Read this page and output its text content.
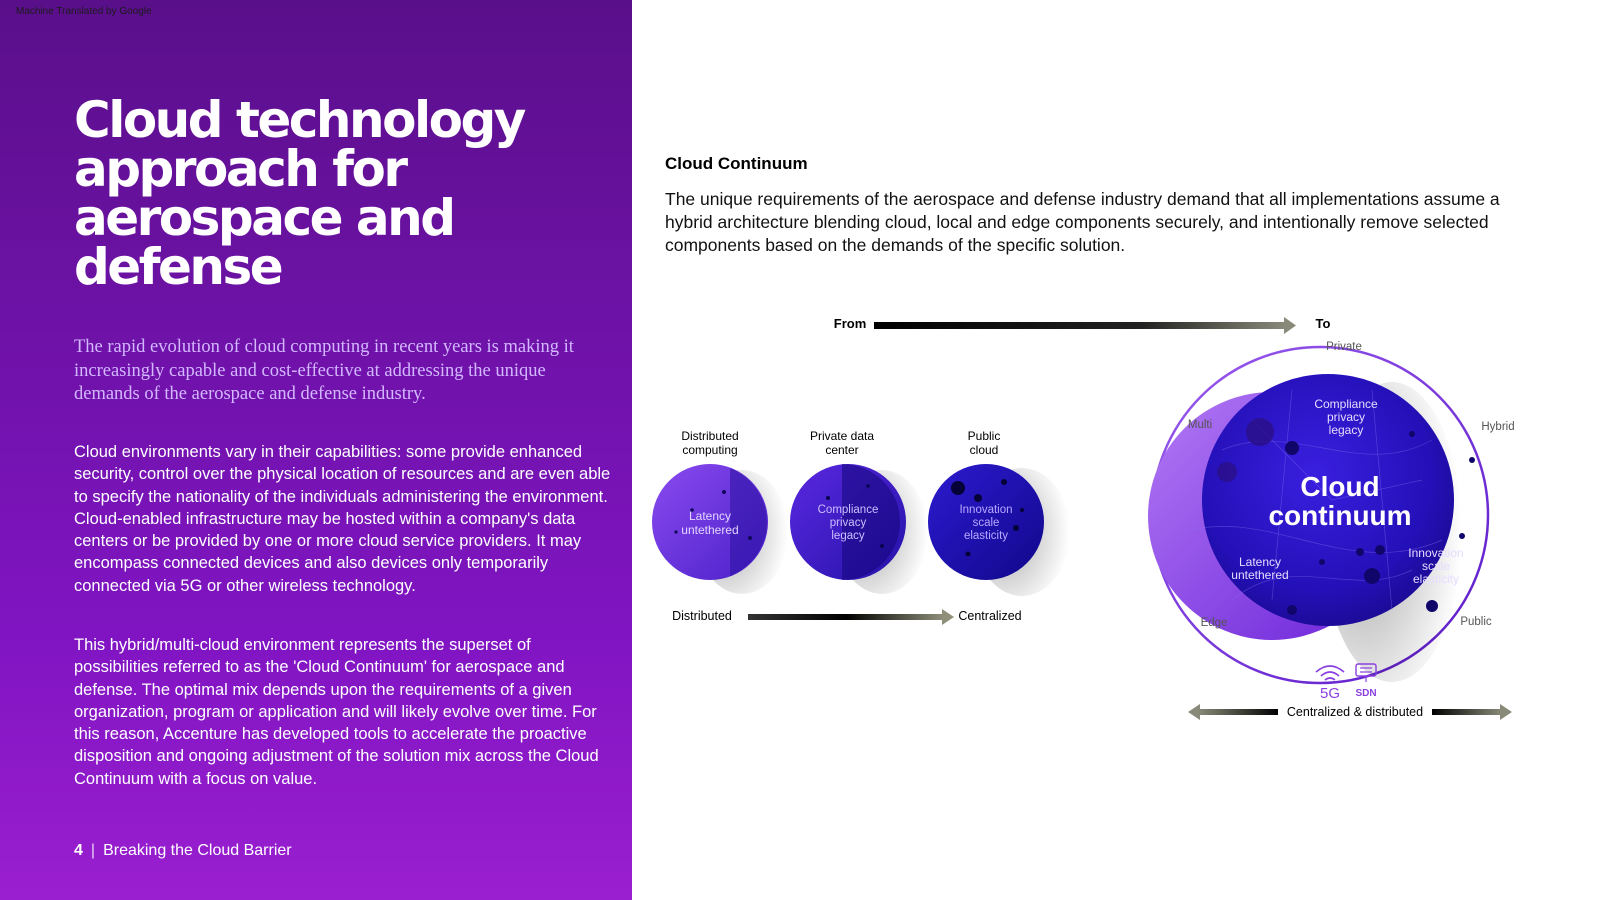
Machine Translated by Google
Cloud technology
approach for
aerospace and
defense

The rapid evolution of cloud computing in recent years is making it increasingly capable and cost-effective at addressing the unique demands of the aerospace and defense industry.

Cloud environments vary in their capabilities: some provide enhanced security, control over the physical location of resources and are even able to specify the nationality of the individuals administering the environment. Cloud-enabled infrastructure may be hosted within a company's data centers or be provided by one or more cloud service providers. It may encompass connected devices and also devices only temporarily connected via 5G or other wireless technology.

This hybrid/multi-cloud environment represents the superset of possibilities referred to as the 'Cloud Continuum' for aerospace and defense. The optimal mix depends upon the requirements of a given organization, program or application and will likely evolve over time. For this reason, Accenture has developed tools to accelerate the proactive disposition and ongoing adjustment of the solution mix across the Cloud Continuum with a focus on value.

4 | Breaking the Cloud Barrier
Cloud Continuum

The unique requirements of the aerospace and defense industry demand that all implementations assume a hybrid architecture blending cloud, local and edge components securely, and intentionally remove selected components based on the demands of the specific solution.

From	To
Distributed
computing
Latency
untethered
Private data
center
Compliance
privacy
legacy
Public
cloud
Innovation
scale
elasticity
Distributed	Centralized
Compliance
privacy
legacy
Cloud
continuum
Latency
untethered
Innovation
scale
elasticity
Private
Multi	Hybrid
Edge	Public
5G SDN
Centralized & distributed
